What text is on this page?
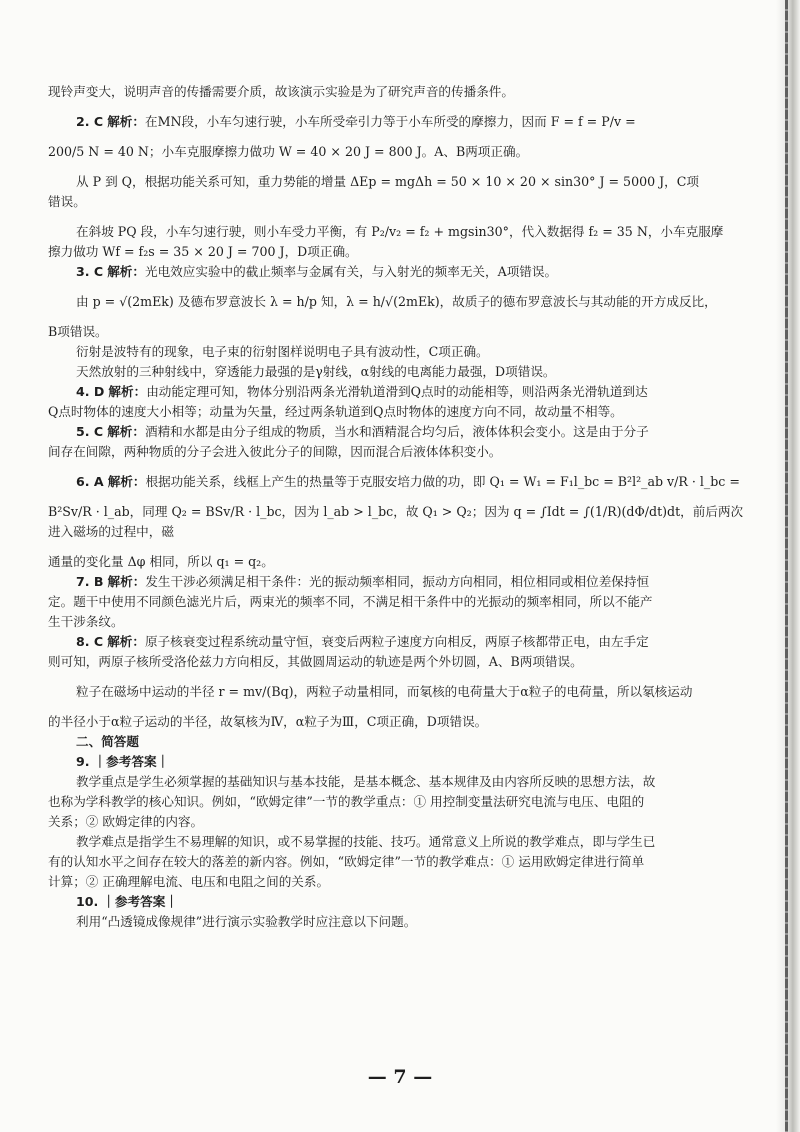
现铃声变大，说明声音的传播需要介质，故该演示实验是为了研究声音的传播条件。

2. C 解析：在MN段，小车匀速行驶，小车所受牵引力等于小车所受的摩擦力，因而 F = f = P/v =

200/5 N = 40 N；小车克服摩擦力做功 W = 40 × 20 J = 800 J。A、B两项正确。

从 P 到 Q，根据功能关系可知，重力势能的增量 ΔEp = mgΔh = 50 × 10 × 20 × sin30° J = 5000 J，C项

错误。

在斜坡 PQ 段，小车匀速行驶，则小车受力平衡，有 P₂/v₂ = f₂ + mgsin30°，代入数据得 f₂ = 35 N，小车克服摩

擦力做功 Wf = f₂s = 35 × 20 J = 700 J，D项正确。

3. C 解析：光电效应实验中的截止频率与金属有关，与入射光的频率无关，A项错误。

由 p = √(2mEk) 及德布罗意波长 λ = h/p 知，λ = h/√(2mEk)，故质子的德布罗意波长与其动能的开方成反比，

B项错误。

衍射是波特有的现象，电子束的衍射图样说明电子具有波动性，C项正确。

天然放射的三种射线中，穿透能力最强的是γ射线，α射线的电离能力最强，D项错误。

4. D 解析：由动能定理可知，物体分别沿两条光滑轨道滑到Q点时的动能相等，则沿两条光滑轨道到达

Q点时物体的速度大小相等；动量为矢量，经过两条轨道到Q点时物体的速度方向不同，故动量不相等。

5. C 解析：酒精和水都是由分子组成的物质，当水和酒精混合均匀后，液体体积会变小。这是由于分子

间存在间隙，两种物质的分子会进入彼此分子的间隙，因而混合后液体体积变小。

6. A 解析：根据功能关系，线框上产生的热量等于克服安培力做的功，即 Q₁ = W₁ = F₁l_bc = B²l²_ab v/R · l_bc =

B²Sv/R · l_ab，同理 Q₂ = BSv/R · l_bc，因为 l_ab > l_bc，故 Q₁ > Q₂；因为 q = ∫Idt = ∫(1/R)(dΦ/dt)dt，前后两次进入磁场的过程中，磁

通量的变化量 Δφ 相同，所以 q₁ = q₂。

7. B 解析：发生干涉必须满足相干条件：光的振动频率相同，振动方向相同，相位相同或相位差保持恒

定。题干中使用不同颜色滤光片后，两束光的频率不同，不满足相干条件中的光振动的频率相同，所以不能产

生干涉条纹。

8. C 解析：原子核衰变过程系统动量守恒，衰变后两粒子速度方向相反，两原子核都带正电，由左手定

则可知，两原子核所受洛伦兹力方向相反，其做圆周运动的轨迹是两个外切圆，A、B两项错误。

粒子在磁场中运动的半径 r = mv/(Bq)，两粒子动量相同，而氡核的电荷量大于α粒子的电荷量，所以氡核运动

的半径小于α粒子运动的半径，故氡核为Ⅳ，α粒子为Ⅲ，C项正确，D项错误。

二、简答题

9. ｜参考答案｜

教学重点是学生必须掌握的基础知识与基本技能，是基本概念、基本规律及由内容所反映的思想方法，故

也称为学科教学的核心知识。例如，“欧姆定律”一节的教学重点：① 用控制变量法研究电流与电压、电阻的

关系；② 欧姆定律的内容。

教学难点是指学生不易理解的知识，或不易掌握的技能、技巧。通常意义上所说的教学难点，即与学生已

有的认知水平之间存在较大的落差的新内容。例如，“欧姆定律”一节的教学难点：① 运用欧姆定律进行简单

计算；② 正确理解电流、电压和电阻之间的关系。

10. ｜参考答案｜

利用“凸透镜成像规律”进行演示实验教学时应注意以下问题。

— 7 —
